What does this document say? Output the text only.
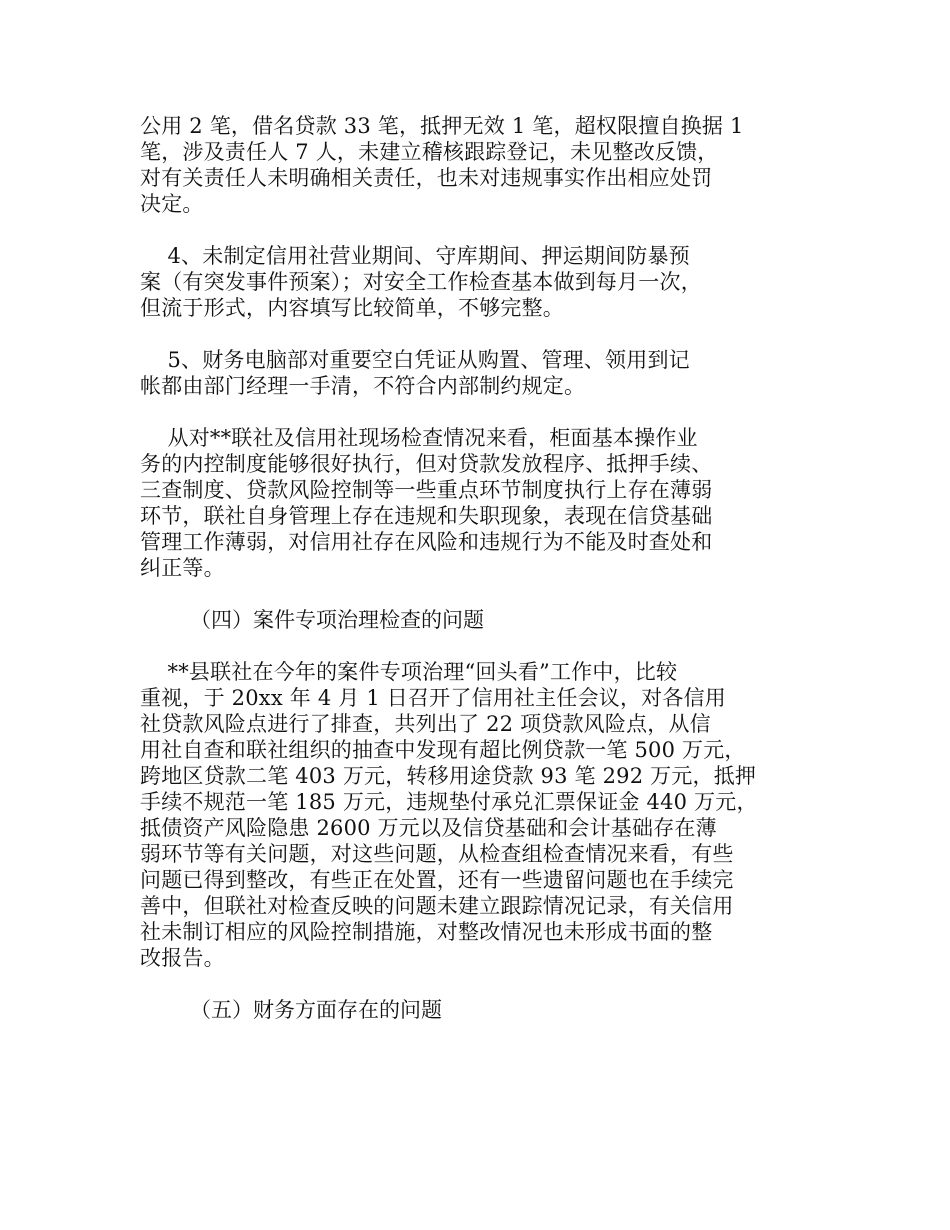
公用 2 笔，借名贷款 33 笔，抵押无效 1 笔，超权限擅自换据 1
笔，涉及责任人 7 人，未建立稽核跟踪登记，未见整改反馈，
对有关责任人未明确相关责任，也未对违规事实作出相应处罚
决定。

4、未制定信用社营业期间、守库期间、押运期间防暴预
案（有突发事件预案）；对安全工作检查基本做到每月一次，
但流于形式，内容填写比较简单，不够完整。

5、财务电脑部对重要空白凭证从购置、管理、领用到记
帐都由部门经理一手清，不符合内部制约规定。

从对**联社及信用社现场检查情况来看，柜面基本操作业
务的内控制度能够很好执行，但对贷款发放程序、抵押手续、
三查制度、贷款风险控制等一些重点环节制度执行上存在薄弱
环节，联社自身管理上存在违规和失职现象，表现在信贷基础
管理工作薄弱，对信用社存在风险和违规行为不能及时查处和
纠正等。

（四）案件专项治理检查的问题

**县联社在今年的案件专项治理“回头看”工作中，比较
重视，于 20xx 年 4 月 1 日召开了信用社主任会议，对各信用
社贷款风险点进行了排查，共列出了 22 项贷款风险点，从信
用社自查和联社组织的抽查中发现有超比例贷款一笔 500 万元，
跨地区贷款二笔 403 万元，转移用途贷款 93 笔 292 万元，抵押
手续不规范一笔 185 万元，违规垫付承兑汇票保证金 440 万元，
抵债资产风险隐患 2600 万元以及信贷基础和会计基础存在薄
弱环节等有关问题，对这些问题，从检查组检查情况来看，有些
问题已得到整改，有些正在处置，还有一些遗留问题也在手续完
善中，但联社对检查反映的问题未建立跟踪情况记录，有关信用
社未制订相应的风险控制措施，对整改情况也未形成书面的整
改报告。

（五）财务方面存在的问题
